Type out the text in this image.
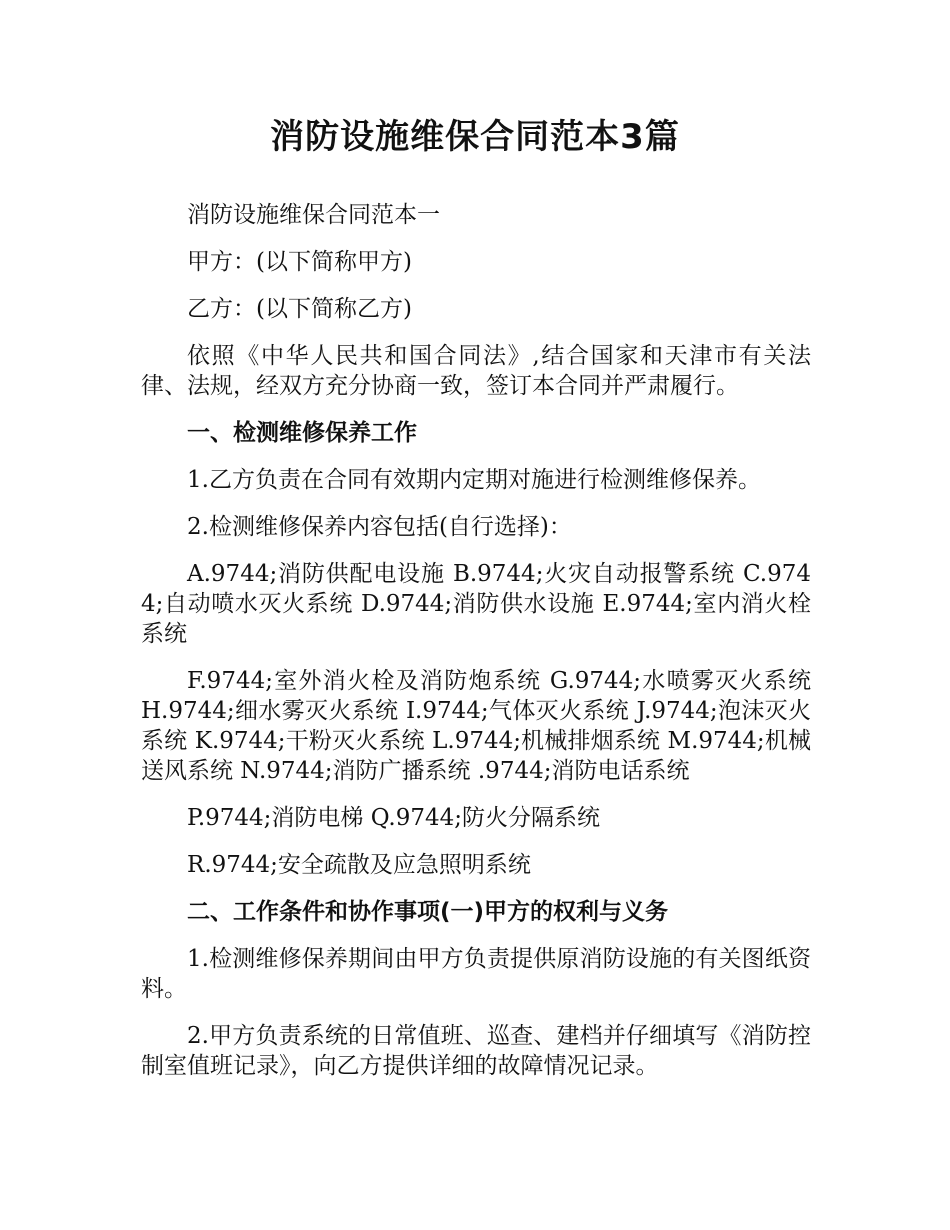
消防设施维保合同范本3篇

消防设施维保合同范本一

甲方：(以下简称甲方)

乙方：(以下简称乙方)

依照《中华人民共和国合同法》,结合国家和天津市有关法律、法规，经双方充分协商一致，签订本合同并严肃履行。

一、检测维修保养工作

1.乙方负责在合同有效期内定期对施进行检测维修保养。

2.检测维修保养内容包括(自行选择)：

A.9744;消防供配电设施 B.9744;火灾自动报警系统 C.9744;自动喷水灭火系统 D.9744;消防供水设施 E.9744;室内消火栓系统

F.9744;室外消火栓及消防炮系统 G.9744;水喷雾灭火系统 H.9744;细水雾灭火系统 I.9744;气体灭火系统 J.9744;泡沫灭火系统 K.9744;干粉灭火系统 L.9744;机械排烟系统 M.9744;机械送风系统 N.9744;消防广播系统 .9744;消防电话系统

P.9744;消防电梯 Q.9744;防火分隔系统

R.9744;安全疏散及应急照明系统

二、工作条件和协作事项(一)甲方的权利与义务

1.检测维修保养期间由甲方负责提供原消防设施的有关图纸资料。

2.甲方负责系统的日常值班、巡查、建档并仔细填写《消防控制室值班记录》，向乙方提供详细的故障情况记录。
